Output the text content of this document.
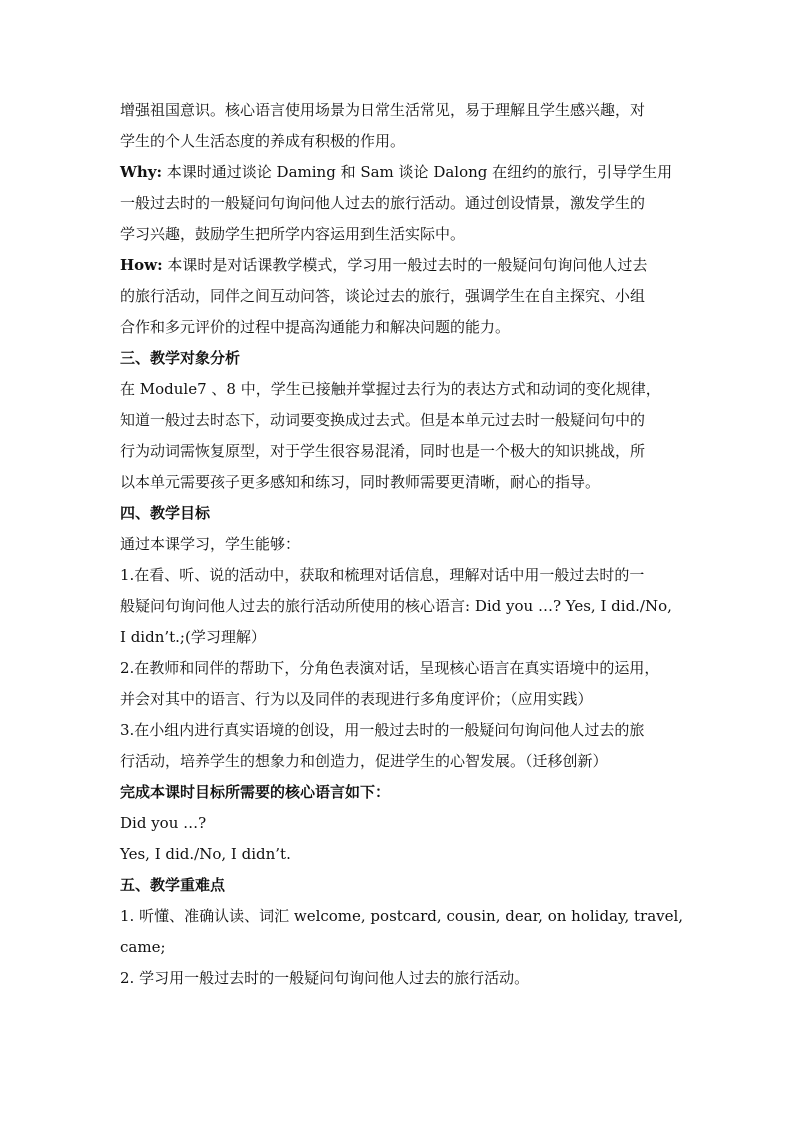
增强祖国意识。核心语言使用场景为日常生活常见，易于理解且学生感兴趣，对
学生的个人生活态度的养成有积极的作用。
Why: 本课时通过谈论 Daming 和 Sam 谈论 Dalong 在纽约的旅行，引导学生用
一般过去时的一般疑问句询问他人过去的旅行活动。通过创设情景，激发学生的
学习兴趣，鼓励学生把所学内容运用到生活实际中。
How: 本课时是对话课教学模式，学习用一般过去时的一般疑问句询问他人过去
的旅行活动，同伴之间互动问答，谈论过去的旅行，强调学生在自主探究、小组
合作和多元评价的过程中提高沟通能力和解决问题的能力。
三、教学对象分析
在 Module7 、8 中，学生已接触并掌握过去行为的表达方式和动词的变化规律，
知道一般过去时态下，动词要变换成过去式。但是本单元过去时一般疑问句中的
行为动词需恢复原型，对于学生很容易混淆，同时也是一个极大的知识挑战，所
以本单元需要孩子更多感知和练习，同时教师需要更清晰，耐心的指导。
四、教学目标
通过本课学习，学生能够：
1.在看、听、说的活动中，获取和梳理对话信息，理解对话中用一般过去时的一
般疑问句询问他人过去的旅行活动所使用的核心语言: Did you …? Yes, I did./No,
I didn’t.;(学习理解）
2.在教师和同伴的帮助下，分角色表演对话，呈现核心语言在真实语境中的运用，
并会对其中的语言、行为以及同伴的表现进行多角度评价；（应用实践）
3.在小组内进行真实语境的创设，用一般过去时的一般疑问句询问他人过去的旅
行活动，培养学生的想象力和创造力，促进学生的心智发展。（迁移创新）
完成本课时目标所需要的核心语言如下：
Did you …?
Yes, I did./No, I didn’t.
五、教学重难点
1. 听懂、准确认读、词汇 welcome, postcard, cousin, dear, on holiday, travel,
came;
2. 学习用一般过去时的一般疑问句询问他人过去的旅行活动。
